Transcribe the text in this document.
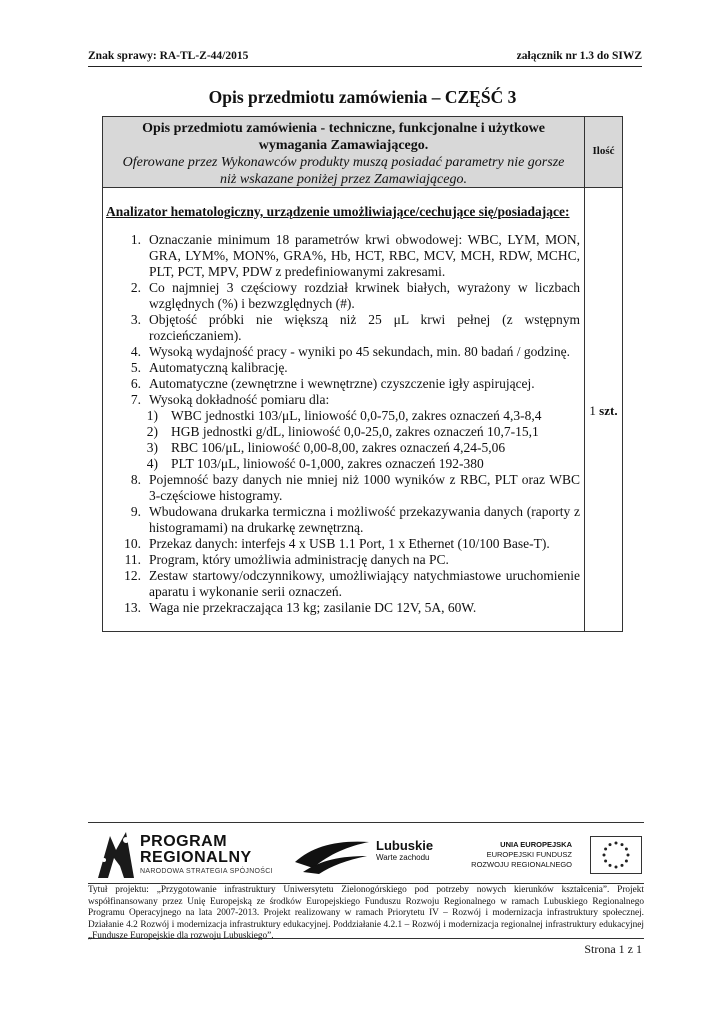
Znak sprawy: RA-TL-Z-44/2015	załącznik nr 1.3 do SIWZ
Opis przedmiotu zamówienia – CZĘŚĆ 3
Opis przedmiotu zamówienia - techniczne, funkcjonalne i użytkowe
wymagania Zamawiającego.
Oferowane przez Wykonawców produkty muszą posiadać parametry nie gorsze
niż wskazane poniżej przez Zamawiającego.
Ilość
Analizator hematologiczny, urządzenie umożliwiające/cechujące się/posiadające:
1. Oznaczanie minimum 18 parametrów krwi obwodowej: WBC, LYM, MON, GRA, LYM%, MON%, GRA%, Hb, HCT, RBC, MCV, MCH, RDW, MCHC, PLT, PCT, MPV, PDW z predefiniowanymi zakresami.
2. Co najmniej 3 częściowy rozdział krwinek białych, wyrażony w liczbach względnych (%) i bezwzględnych (#).
3. Objętość próbki nie większą niż 25 μL krwi pełnej (z wstępnym rozcieńczaniem).
4. Wysoką wydajność pracy - wyniki po 45 sekundach, min. 80 badań / godzinę.
5. Automatyczną kalibrację.
6. Automatyczne (zewnętrzne i wewnętrzne) czyszczenie igły aspirującej.
7. Wysoką dokładność pomiaru dla:
1) WBC jednostki 103/μL, liniowość 0,0-75,0, zakres oznaczeń 4,3-8,4
2) HGB jednostki g/dL, liniowość 0,0-25,0, zakres oznaczeń 10,7-15,1
3) RBC 106/μL, liniowość 0,00-8,00, zakres oznaczeń 4,24-5,06
4) PLT 103/μL, liniowość 0-1,000, zakres oznaczeń 192-380
8. Pojemność bazy danych nie mniej niż 1000 wyników z RBC, PLT oraz WBC 3-częściowe histogramy.
9. Wbudowana drukarka termiczna i możliwość przekazywania danych (raporty z histogramami) na drukarkę zewnętrzną.
10. Przekaz danych: interfejs 4 x USB 1.1 Port, 1 x Ethernet (10/100 Base-T).
11. Program, który umożliwia administrację danych na PC.
12. Zestaw startowy/odczynnikowy, umożliwiający natychmiastowe uruchomienie aparatu i wykonanie serii oznaczeń.
13. Waga nie przekraczająca 13 kg; zasilanie DC 12V, 5A, 60W.
1 szt.
PROGRAM
REGIONALNY
NARODOWA STRATEGIA SPÓJNOŚCI
Lubuskie
Warte zachodu
UNIA EUROPEJSKA
EUROPEJSKI FUNDUSZ
ROZWOJU REGIONALNEGO
Tytuł projektu: „Przygotowanie infrastruktury Uniwersytetu Zielonogórskiego pod potrzeby nowych kierunków kształcenia”. Projekt współfinansowany przez Unię Europejską ze środków Europejskiego Funduszu Rozwoju Regionalnego w ramach Lubuskiego Regionalnego Programu Operacyjnego na lata 2007-2013. Projekt realizowany w ramach Priorytetu IV – Rozwój i modernizacja infrastruktury społecznej. Działanie 4.2 Rozwój i modernizacja infrastruktury edukacyjnej. Poddziałanie 4.2.1 – Rozwój i modernizacja regionalnej infrastruktury edukacyjnej „Fundusze Europejskie dla rozwoju Lubuskiego”.
Strona 1 z 1
